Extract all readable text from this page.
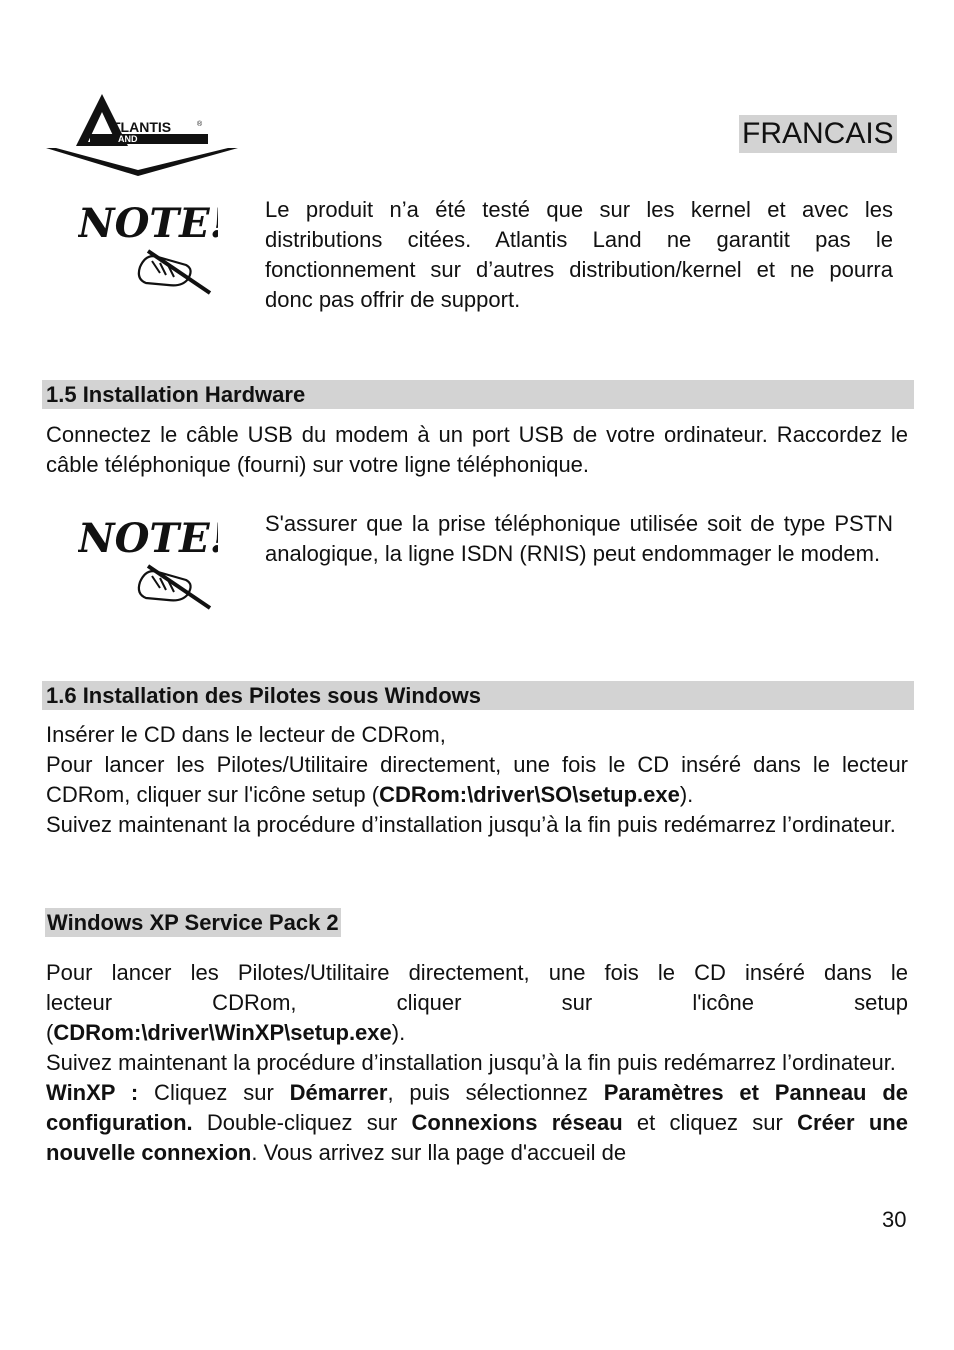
TLANTIS	®
AND	FRANCAIS
NOTE! Le produit n’a été testé que sur les kernel et avec les distributions citées. Atlantis Land ne garantit pas le fonctionnement sur d’autres distribution/kernel et ne pourra donc pas offrir de support.

1.5 Installation Hardware

Connectez le câble USB du modem à un port USB de votre ordinateur. Raccordez le câble téléphonique (fourni) sur votre ligne téléphonique.

NOTE! S'assurer que la prise téléphonique utilisée soit de type PSTN analogique, la ligne ISDN (RNIS) peut endommager le modem.

1.6 Installation des Pilotes sous Windows
Insérer le CD dans le lecteur de CDRom,
Pour lancer les Pilotes/Utilitaire directement, une fois le CD inséré dans le lecteur CDRom, cliquer sur l'icône setup (CDRom:\driver\SO\setup.exe).
Suivez maintenant la procédure d’installation jusqu’à la fin puis redémarrez l’ordinateur.
Windows XP Service Pack 2
Pour lancer les Pilotes/Utilitaire directement, une fois le CD inséré dans le
lecteur CDRom, cliquer sur l'icône setup
(CDRom:\driver\WinXP\setup.exe).
Suivez maintenant la procédure d’installation jusqu’à la fin puis redémarrez l’ordinateur.
WinXP : Cliquez sur Démarrer, puis sélectionnez Paramètres et Panneau de configuration. Double-cliquez sur Connexions réseau et cliquez sur Créer une nouvelle connexion. Vous arrivez sur lla page d'accueil de
30
